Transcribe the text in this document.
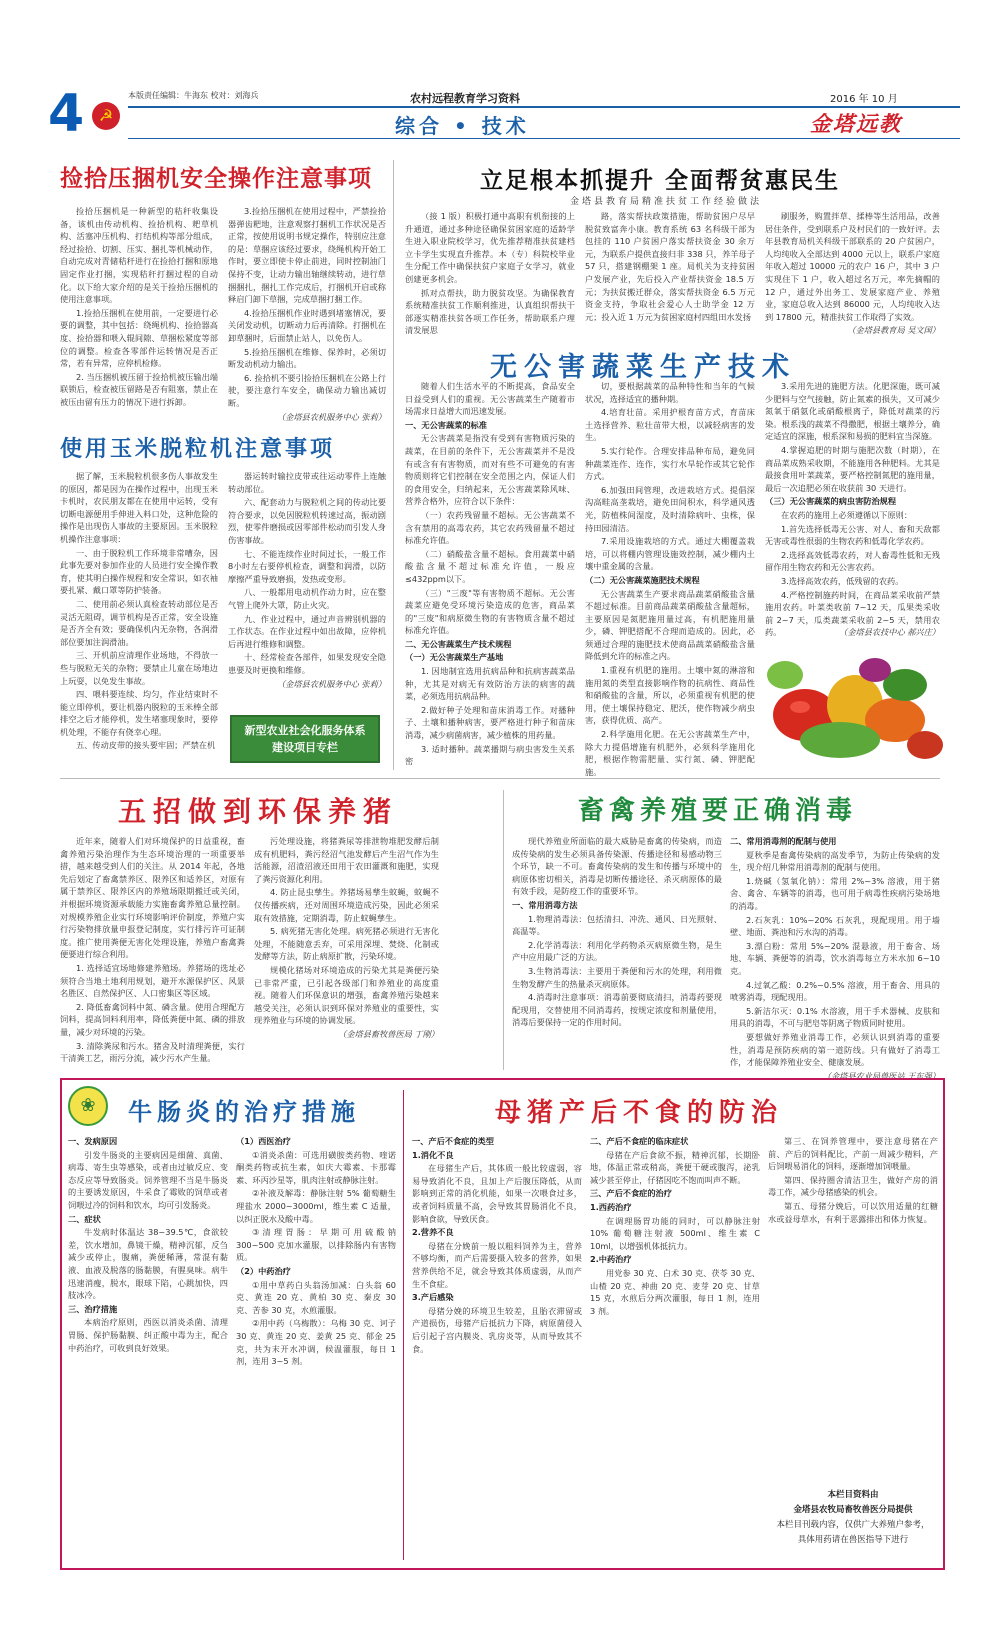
4 ☭
本版责任编辑：牛海东 校对：刘海兵	农村远程教育学习资料	2016 年 10 月
综合 • 技术	金塔远教
捡拾压捆机安全操作注意事项

捡拾压捆机是一种新型的秸秆收集设备，该机由传动机构、捡拾机构、耙草机构、活塞冲压机构、打结机构等部分组成，经过捡拾、切割、压实、捆扎等机械动作，自动完成对青储秸秆进行在捡拾打捆和原地固定作业打捆，实现秸秆打捆过程的自动化。以下给大家介绍的是关于捡拾压捆机的使用注意事项。

1.捡拾压捆机在使用前，一定要进行必要的调整，其中包括：绕绳机构、捡拾器高度、捡拾器和喂入辊间隙、草捆松紧度等部位的调整。检查各零部件运转情况是否正常，若有异常，应停机检修。

2. 当压捆机被压留于捡拾机被压输出端联锁后，检查被压留路是否有阻塞，禁止在被压由留有压力的情况下进行拆卸。

3.捡拾压捆机在使用过程中，严禁捡拾器弹齿粑地，注意观察打捆机工作状况是否正常，按使用说明书规定操作，特别应注意的是：草捆应该经过要求，绕绳机构开始工作时，要立即使卡停止前进，同时控制油门保持不变，让动力输出轴继续转动，进行草捆捆扎，捆扎工作完成后，打捆机开启或称释启门卸下草捆，完成草捆打捆工作。

4.捡拾压捆机作业时遇到堵塞情况，要关闭发动机，切断动力后再清除。打捆机在卸草捆时，后面禁止站人，以免伤人。

5.捡拾压捆机在维修、保养时，必须切断发动机动力输出。

6. 捡拾机不要引捡拾压捆机在公路上行驶，要注意行车安全，确保动力输出减切断。

（金塔县农机服务中心 张莉）

使用玉米脱粒机注意事项

据了解，玉米脱粒机很多伤人事故发生的原因，都是因为在操作过程中，出现玉米卡机时，农民朋友都在在使用中运转，受有切断电源便用手伸进入料口处，这种危险的操作是出现伤人事故的主要原因。玉米脱粒机操作注意事项：

一、由于脱粒机工作环境非常嘈杂，因此事先要对参加作业的人员进行安全操作教育，使其明白操作规程和安全常识，如衣袖要扎紧、戴口罩等防护装备。

二、使用前必须认真检查转动部位是否灵活无阻碍，调节机构是否正常，安全设施是否齐全有效；要确保机内无杂物，各润滑部位要加注润滑油。

三、开机前应清理作业场地，不得放一些与脱粒无关的杂物；要禁止儿童在场地边上玩耍，以免发生事故。

四、喂料要连续、均匀，作业结束时不能立即停机，要让机器内脱粒的玉米棒全部排空之后才能停机，发生堵塞现象时，要停机处理，不能存有侥幸心理。

五、传动皮带的接头要牢固；严禁在机

器运转时输拉皮带或往运动零件上连触转动部位。

六、配套动力与脱粒机之间的传动比要符合要求，以免因脱粒机转速过高，振动剧烈，使零件磨损或因零部件松动而引发人身伤害事故。

七、不能连续作业时间过长，一般工作8小时左右要停机检查，调整和润滑，以防摩擦严重导致磨损，发热或变形。

八、一般都用电动机作动力时，应在整气管上爬外大罩，防止火灾。

九、作业过程中，通过声音辨别机器的工作状态。在作业过程中如出故障，应停机后再进行维修和调整。

十、经常检查各部件，如果发现安全隐患要及时更换和维修。

（金塔县农机服务中心 张莉）

新型农业社会化服务体系建设项目专栏
立足根本抓提升 全面帮贫惠民生
金塔县教育局精准扶贫工作经验做法

（接 1 版）积极打通中高职有机衔接的上升通道，通过多种途径确保贫困家庭的适龄学生进入职业院校学习，优先推荐精准扶贫建档立卡学生实现直升推荐。本（专）科院校毕业生分配工作中确保扶贫户家庭子女学习，就业创建更多机会。

抓对点帮扶，助力脱贫攻坚。为确保教育系统精准扶贫工作顺利推进，认真组织帮扶干部逐实精准扶贫各项工作任务，帮助联系户理清发展思

路，落实帮扶政策措施，帮助贫困户尽早脱贫致富奔小康。教育系统 63 名科级干部为包挂的 110 户贫困户落实帮扶资金 30 余万元，为联系户提供直接归非 338 只，养羊母子 57 只，搭建钢棚架 1 座。局机关为支持贫困户发展产业，先后投入产业帮扶资金 18.5 万元；为扶贫搬迁群众，落实帮扶资金 6.5 万元资金支持，争取社会爱心人士助学金 12 万元；投入近 1 万元为贫困家庭村四组田水发扬

刷服务，购置拌草、揉棒等生活用品，改善居住条件，受到联系户及村民们的一致好评。去年县教育局机关科级干部联系的 20 户贫困户，人均纯收入全部达到 4000 元以上，联系户家庭年收入超过 10000 元的农户 16 户，其中 3 户实现住下 1 户，收入超过名万元，率先摘帽的 12 户，通过外出务工、发展家庭产业、养殖业，家庭总收入达到 86000 元，人均纯收入达到 17800 元，精准扶贫工作取得了实效。

（金塔县教育局 吴文国）

无公害蔬菜生产技术

随着人们生活水平的不断提高，食品安全日益受到人们的重视。无公害蔬菜生产随着市场需求日益增大而迅速发展。

一、无公害蔬菜的标准

无公害蔬菜是指没有受到有害物质污染的蔬菜，在目前的条件下，无公害蔬菜并不是没有或含有有害物质，而对有些不可避免的有害物质则将它们控制在安全范围之内，保证人们的食用安全，归纳起来，无公害蔬菜除风味、营养合格外，应符合以下条件：

（一）农药残留量不超标。无公害蔬菜不含有禁用的高毒农药，其它农药残留量不超过标准允许值。

（二）硝酸盐含量不超标。食用蔬菜中硝酸盐含量不超过标准允许值，一般应 ≤432ppm以下。

（三）"三废"等有害物质不超标。无公害蔬菜应避免受环境污染造成的危害，商品菜的"三废"和病原微生物的有害物质含量不超过标准允许值。

二、无公害蔬菜生产技术规程

（一）无公害蔬菜生产基地

1. 因地制宜选用抗病品种和抗病害蔬菜品种，尤其是对病无有效防治方法的病害的蔬菜，必须选用抗病品种。

2.做好种子处理和苗床消毒工作。对播种子、土壤和播种病害，要严格进行种子和苗床消毒，减少病菌病害，减少植株的用药量。

3. 适时播种。蔬菜播期与病虫害发生关系密

切，要根据蔬菜的品种特性和当年的气候状况，选择适宜的播种期。

4.培育壮苗。采用护根育苗方式，育苗床土选择营养、粒壮苗带大根，以减轻病害的发生。

5.实行轮作。合理安排品种布局，避免同种蔬菜连作、连作，实行水旱轮作或其它轮作方式。

6.加强田间管理，改进栽培方式。提倡深沟高畦高垄栽培，避免田间积水，科学通风透光，防植株间湿度，及时清除病叶、虫株，保持田园清洁。

7.采用设施栽培的方式。通过大棚覆盖栽培，可以将棚内管理设施效控制，减少棚内土壤中重金属的含量。

（二）无公害蔬菜施肥技术规程

无公害蔬菜生产要求商品蔬菜硝酸盐含量不超过标准。目前商品蔬菜硝酸盐含量超标，主要原因是氮肥施用量过高，有机肥施用量少，磷、钾肥搭配不合理而造成的。因此，必须通过合理的施肥技术使商品蔬菜硝酸盐含量降低到允许的标准之内。

1.重视有机肥的施用。土壤中氮的淋溶和施用氮的类型直接影响作物的抗病性、商品性和硝酸盐的含量，所以，必须重视有机肥的使用，使土壤保持稳定、肥沃，使作物减少病虫害，获得优质、高产。

2.科学施用化肥。在无公害蔬菜生产中，除大力提倡增施有机肥外，必须科学施用化肥，根据作物需肥量、实行氮、磷、钾肥配施。

3.采用先进的施肥方法。化肥深施，既可减少肥料与空气接触，防止氮素的损失，又可减少氮氧于硝氨化或硝酸根离子，降低对蔬菜的污染。根系浅的蔬菜不得撒肥，根据土壤养分，确定适宜的深施，根系深和易损的肥料宜当深施。

4.掌握追肥的时期与施肥次数（时期），在商品菜成熟采收期，不能施用各种肥料。尤其是最接食用叶菜蔬菜，要严格控制氮肥的施用量，最后一次追肥必须在收获前 30 天进行。

（三）无公害蔬菜的病虫害防治规程

在农药的施用上必须遵循以下原则：

1.首先选择低毒无公害、对人、畜和天敌都无害或毒性很弱的生物农药和低毒化学农药。

2.选择高效低毒农药，对人畜毒性低和无残留作用生物农药和无公害农药。

3.选择高效农药，低残留的农药。

4.严格控制施药时间，在商品菜采收前严禁施用农药。叶菜类收前 7~12 天，瓜果类采收前 2~7 天，瓜类蔬菜采收前 2~5 天，禁用农药。	（金塔县农技中心 郝兴庄）

五招做到环保养猪

近年来，随着人们对环境保护的日益重视，畜禽养殖污染治理作为生态环境治理的一项重要举措，越来越受到人们的关注。从 2014 年起，各地先后划定了畜禽禁养区、限养区和适养区，对原有属于禁养区、限养区内的养殖场限期搬迁或关闭，并根据环境资源承载能力实施畜禽养殖总量控制。对规模养殖企业实行环境影响评价制度，养殖户实行污染物排放量申报登记制度，实行排污许可证制度。推广使用粪便无害化处理设施，养殖户畜禽粪便要进行综合利用。

1. 选择适宜场地修建养殖场。养猪场的选址必须符合当地土地利用规划，避开水源保护区、风景名胜区、自然保护区、人口密集区等区域。

2. 降低畜禽饲料中氮、磷含量。使用合理配方饲料，提高饲料利用率，降低粪便中氮、磷的排放量，减少对环境的污染。

3. 清除粪尿和污水。猪舍及时清理粪便，实行干清粪工艺，雨污分流，减少污水产生量。

污处理设施，将猪粪尿等排泄物堆肥发酵后制成有机肥料，粪污经沼气池发酵后产生沼气作为生活能源，沼渣沼液还田用于农田灌溉和施肥，实现了粪污资源化利用。

4. 防止昆虫孳生。养猪场易孳生蚊蝇，蚊蝇不仅传播疾病，还对周围环境造成污染，因此必须采取有效措施，定期消毒，防止蚊蝇孳生。

5. 病死猪无害化处理。病死猪必须进行无害化处理，不能随意丢弃，可采用深埋、焚烧、化制或发酵等方法，防止病原扩散，污染环境。

规模化猪场对环境造成的污染尤其是粪便污染已非常严重，已引起各级部门和养殖业的高度重视。随着人们环保意识的增强，畜禽养殖污染越来越受关注，必须认识到环保对养殖业的重要性，实现养殖业与环境的协调发展。

（金塔县畜牧兽医局 丁刚）

畜禽养殖要正确消毒

现代养殖业所面临的最大威胁是畜禽的传染病，而造成传染病的发生必须具备传染源、传播途径和易感动物三个环节，缺一不可。畜禽传染病的发生和传播与环境中的病原体密切相关，消毒是切断传播途径、杀灭病原体的最有效手段，是防疫工作的重要环节。

一、常用消毒方法

1.物理消毒法：包括清扫、冲洗、通风、日光照射、高温等。

2.化学消毒法：利用化学药物杀灭病原微生物，是生产中应用最广泛的方法。

3.生物消毒法：主要用于粪便和污水的处理，利用微生物发酵产生的热量杀灭病原体。

4.消毒时注意事项：消毒前要彻底清扫，消毒药要现配现用，交替使用不同消毒药，按规定浓度和剂量使用，消毒后要保持一定的作用时间。

二、常用消毒剂的配制与使用

夏秋季是畜禽传染病的高发季节，为防止传染病的发生，现介绍几种常用消毒剂的配制与使用。

1.烧碱（氢氧化钠）：常用 2%~3% 溶液，用于猪舍、禽舍、车辆等的消毒，也可用于病毒性疾病污染场地的消毒。

2.石灰乳：10%~20% 石灰乳，现配现用。用于墙壁、地面、粪池和污水沟的消毒。

3.漂白粉：常用 5%~20% 混悬液，用于畜舍、场地、车辆、粪便等的消毒，饮水消毒每立方米水加 6~10 克。

4.过氧乙酸：0.2%~0.5% 溶液，用于畜舍、用具的喷雾消毒，现配现用。

5.新洁尔灭：0.1% 水溶液，用于手术器械、皮肤和用具的消毒，不可与肥皂等阴离子物质同时使用。

要想做好养殖业消毒工作，必须认识到消毒的重要性，消毒是预防疾病的第一道防线。只有做好了消毒工作，才能保障养殖业安全、健康发展。

（金塔县农业局兽医站 王东强）

❀	牛肠炎的治疗措施

一、发病原因

引发牛肠炎的主要病因是细菌、真菌、病毒、寄生虫等感染，或者由过敏反应、变态反应等导致肠炎。饲养管理不当是牛肠炎的主要诱发原因，牛采食了霉败的饲草或者饲喂过冷的饲料和饮水，均可引发肠炎。

二、症状

牛发病时体温达 38~39.5℃，食欲较差，饮水增加，鼻镜干燥，精神沉郁，反刍减少或停止，腹痛，粪便稀薄，常混有黏液、血液及脱落的肠黏膜，有腥臭味。病牛迅速消瘦，脱水，眼球下陷，心跳加快，四肢冰冷。

三、治疗措施

本病治疗原则，西医以消炎杀菌、清理胃肠、保护肠黏膜、纠正酸中毒为主，配合中药治疗，可收到良好效果。

（1）西医治疗

①消炎杀菌：可选用磺胺类药物、喹诺酮类药物或抗生素，如庆大霉素、卡那霉素、环丙沙星等，肌肉注射或静脉注射。

②补液及解毒：静脉注射 5% 葡萄糖生理盐水 2000~3000ml，维生素 C 适量，以纠正脱水及酸中毒。

③清理胃肠：早期可用硫酸钠 300~500 克加水灌服，以排除肠内有害物质。

（2）中药治疗

①用中草药白头翁汤加减：白头翁 60 克、黄连 20 克、黄柏 30 克、秦皮 30 克、苦参 30 克，水煎灌服。

②用中药（乌梅散）：乌梅 30 克、诃子 30 克、黄连 20 克、姜黄 25 克、郁金 25 克，共为末开水冲调，候温灌服，每日 1 剂，连用 3~5 剂。

母猪产后不食的防治

一、产后不食症的类型

1.消化不良

在母猪生产后，其体质一般比较虚弱，容易导致消化不良，且加上产后腹压降低，从而影响到正常的消化机能，如果一次喂食过多，或者饲料质量不高，会导致其胃肠消化不良，影响食欲，导致厌食。

2.营养不良

母猪在分娩前一般以粗料饲养为主，营养不够均衡，而产后需要摄入较多的营养，如果营养供给不足，就会导致其体质虚弱，从而产生不食症。

3.产后感染

母猪分娩的环境卫生较差，且胎衣滞留或产道损伤，母猪产后抵抗力下降，病原菌侵入后引起子宫内膜炎、乳房炎等，从而导致其不食。

二、产后不食症的临床症状

母猪在产后食欲不振，精神沉郁，长期卧地，体温正常或稍高，粪便干硬或腹泻，泌乳减少甚至停止，仔猪因吃不饱而叫声不断。

三、产后不食症的治疗

1.西药治疗

在调理肠胃功能的同时，可以静脉注射 10% 葡萄糖注射液 500ml、维生素 C 10ml，以增强机体抵抗力。

2.中药治疗

用党参 30 克、白术 30 克、茯苓 30 克、山楂 20 克、神曲 20 克、麦芽 20 克、甘草 15 克，水煎后分两次灌服，每日 1 剂，连用 3 剂。

第三、在饲养管理中，要注意母猪在产前、产后的饲料配比，产前一周减少精料，产后饲喂易消化的饲料，逐渐增加饲喂量。

第四、保持圈舍清洁卫生，做好产房的消毒工作，减少母猪感染的机会。

第五、母猪分娩后，可以饮用适量的红糖水或益母草水，有利于恶露排出和体力恢复。

本栏目资料由
金塔县农牧局畜牧兽医分局提供
本栏目刊载内容，仅供广大养殖户参考，
具体用药请在兽医指导下进行
